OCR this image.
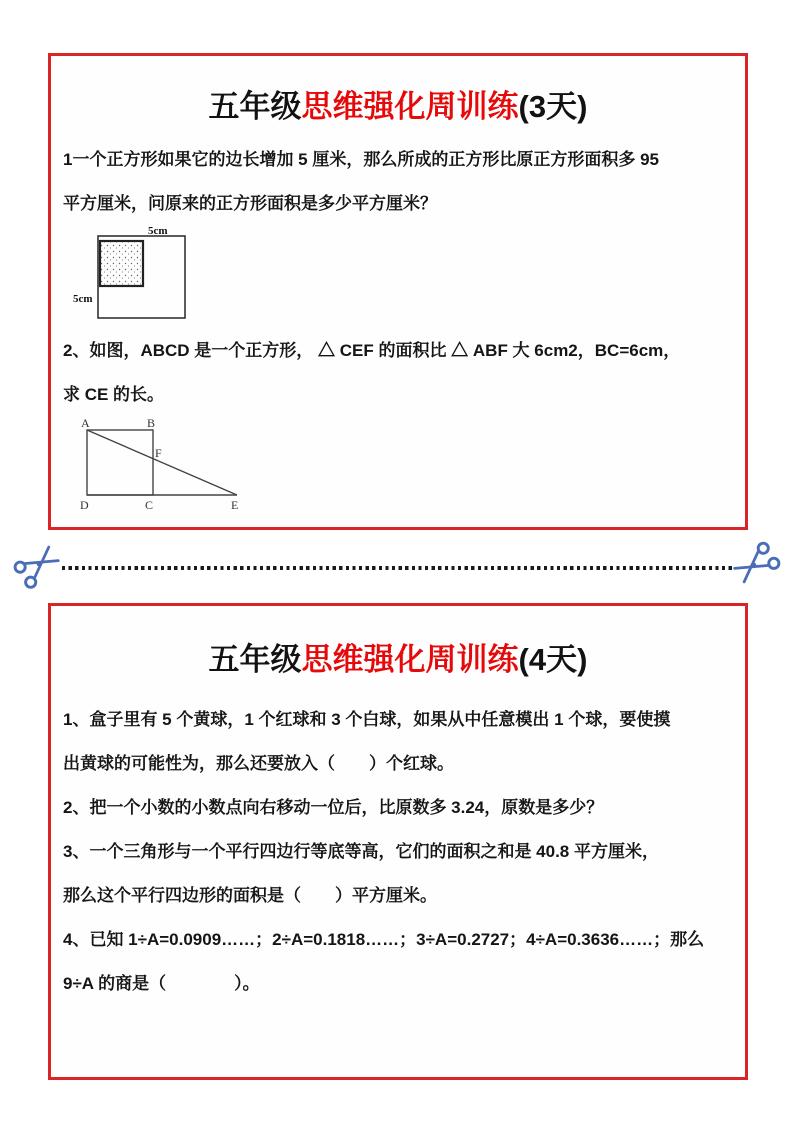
五年级思维强化周训练(3天)
1一个正方形如果它的边长增加 5 厘米，那么所成的正方形比原正方形面积多 95
平方厘米，问原来的正方形面积是多少平方厘米？
5cm
5cm
2、如图，ABCD 是一个正方形， △ CEF 的面积比 △ ABF 大 6cm2，BC=6cm，
求 CE 的长。
A	B
F
D	C	E
五年级思维强化周训练(4天)
1、盒子里有 5 个黄球，1 个红球和 3 个白球，如果从中任意模出 1 个球，要使摸
出黄球的可能性为，那么还要放入（　　）个红球。
2、把一个小数的小数点向右移动一位后，比原数多 3.24，原数是多少？
3、一个三角形与一个平行四边行等底等高，它们的面积之和是 40.8 平方厘米，
那么这个平行四边形的面积是（　　）平方厘米。
4、已知 1÷A=0.0909……；2÷A=0.1818……；3÷A=0.2727；4÷A=0.3636……；那么
9÷A 的商是（　　　　）。
